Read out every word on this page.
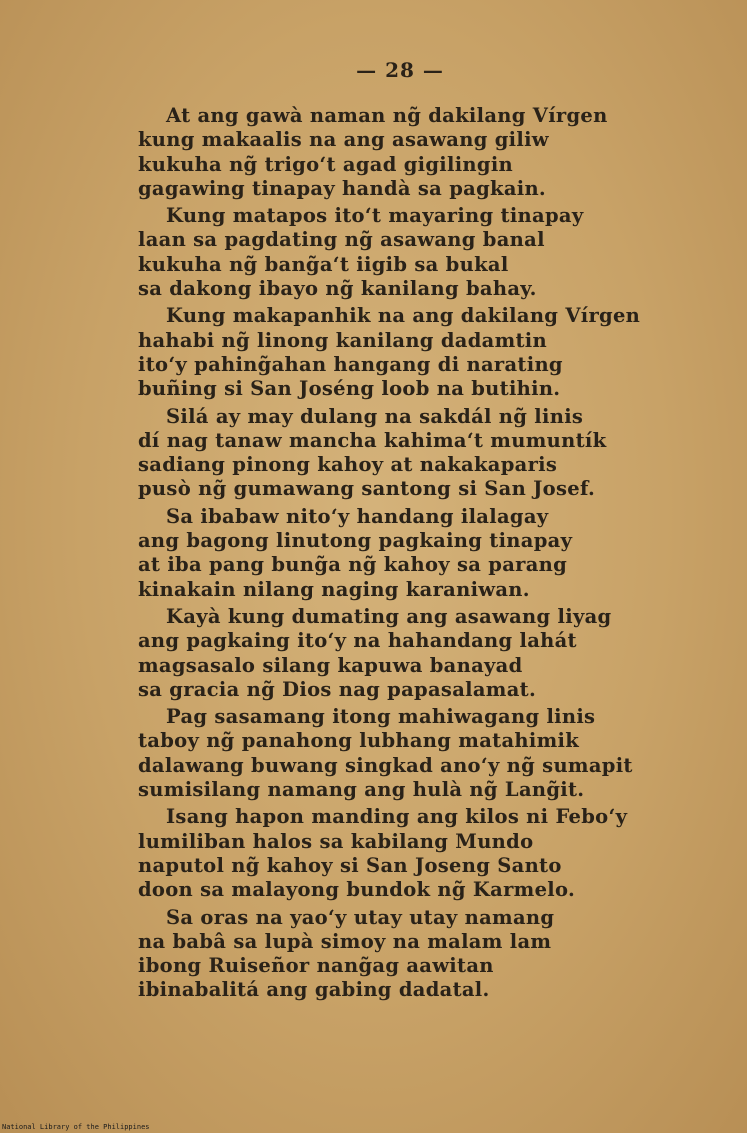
— 28 —
At ang gawà naman ng̃ dakilang Vírgen
kung makaalis na ang asawang giliw
kukuha ng̃ trigo‘t agad gigilingin
gagawing tinapay handà sa pagkain.
Kung matapos ito‘t mayaring tinapay
laan sa pagdating ng̃ asawang banal
kukuha ng̃ bang̃a‘t iigib sa bukal
sa dakong ibayo ng̃ kanilang bahay.
Kung makapanhik na ang dakilang Vírgen
hahabi ng̃ linong kanilang dadamtin
ito‘y pahing̃ahan hangang di narating
buñing si San Joséng loob na butihin.
Silá ay may dulang na sakdál ng̃ linis
dí nag tanaw mancha kahima‘t mumuntík
sadiang pinong kahoy at nakakaparis
pusò ng̃ gumawang santong si San Josef.
Sa ibabaw nito‘y handang ilalagay
ang bagong linutong pagkaing tinapay
at iba pang bung̃a ng̃ kahoy sa parang
kinakain nilang naging karaniwan.
Kayà kung dumating ang asawang liyag
ang pagkaing ito‘y na hahandang lahát
magsasalo silang kapuwa banayad
sa gracia ng̃ Dios nag papasalamat.
Pag sasamang itong mahiwagang linis
taboy ng̃ panahong lubhang matahimik
dalawang buwang singkad ano‘y ng̃ sumapit
sumisilang namang ang hulà ng̃ Lang̃it.
Isang hapon manding ang kilos ni Febo‘y
lumiliban halos sa kabilang Mundo
naputol ng̃ kahoy si San Joseng Santo
doon sa malayong bundok ng̃ Karmelo.
Sa oras na yao‘y utay utay namang
na babâ sa lupà simoy na malam lam
ibong Ruiseñor nang̃ag aawitan
ibinabalitá ang gabing dadatal.
National Library of the Philippines
